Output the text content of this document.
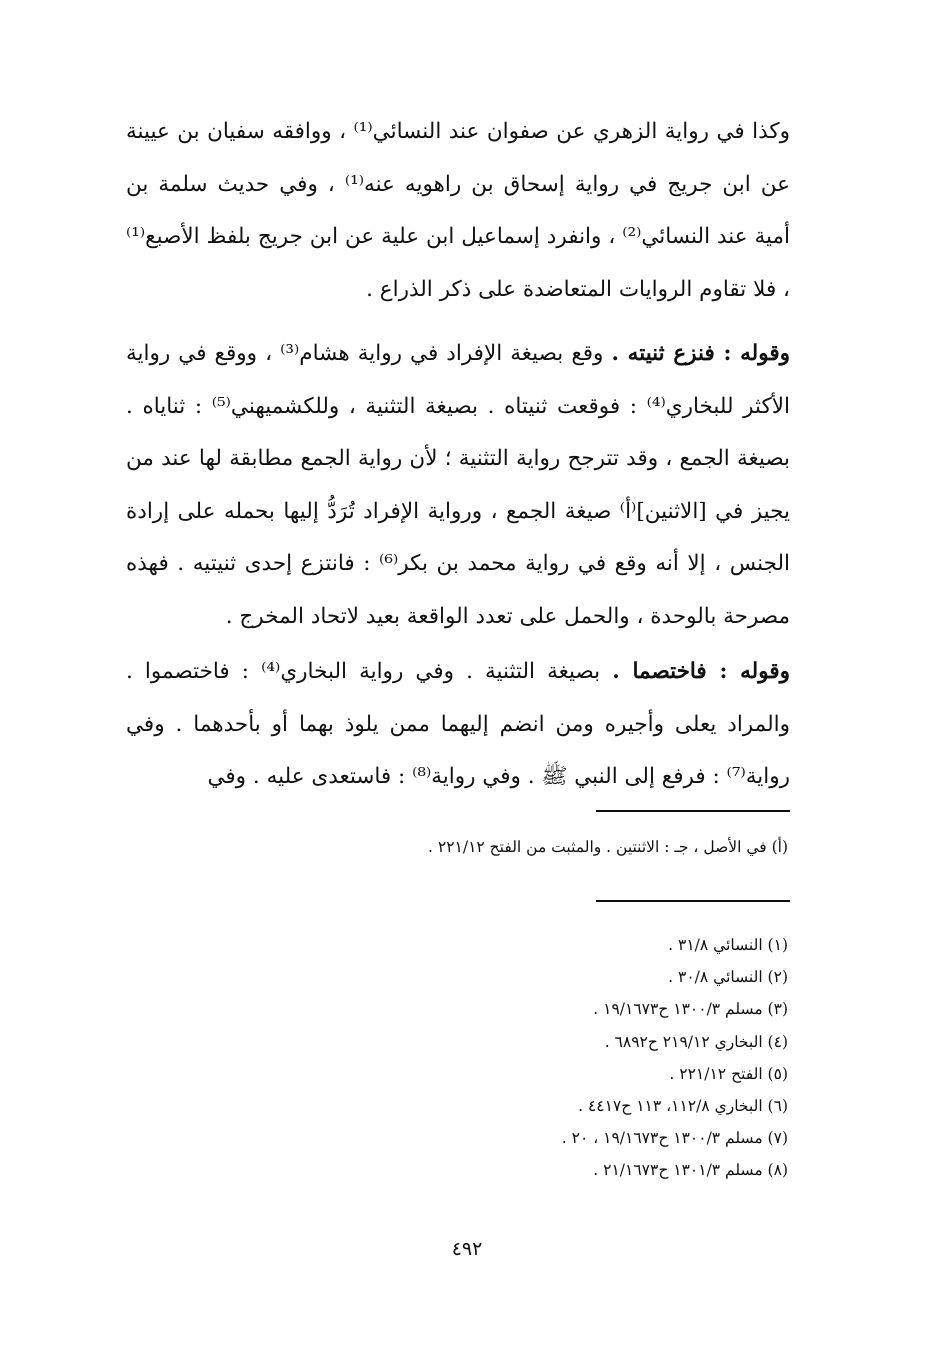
وكذا في رواية الزهري عن صفوان عند النسائي⁽¹⁾ ، ووافقه سفيان بن عيينة عن ابن جريج في رواية إسحاق بن راهويه عنه⁽¹⁾ ، وفي حديث سلمة بن أمية عند النسائي⁽²⁾ ، وانفرد إسماعيل ابن علية عن ابن جريج بلفظ الأصبع⁽¹⁾ ، فلا تقاوم الروايات المتعاضدة على ذكر الذراع .
وقوله : فنزع ثنيته . وقع بصيغة الإفراد في رواية هشام⁽³⁾ ، ووقع في رواية الأكثر للبخاري⁽⁴⁾ : فوقعت ثنيتاه . بصيغة التثنية ، وللكشميهني⁽⁵⁾ : ثناياه . بصيغة الجمع ، وقد تترجح رواية التثنية ؛ لأن رواية الجمع مطابقة لها عند من يجيز في [الاثنين]⁽أ⁾ صيغة الجمع ، ورواية الإفراد تُرَدُّ إليها بحمله على إرادة الجنس ، إلا أنه وقع في رواية محمد بن بكر⁽⁶⁾ : فانتزع إحدى ثنيتيه . فهذه مصرحة بالوحدة ، والحمل على تعدد الواقعة بعيد لاتحاد المخرج .
وقوله : فاختصما . بصيغة التثنية . وفي رواية البخاري⁽⁴⁾ : فاختصموا . والمراد يعلى وأجيره ومن انضم إليهما ممن يلوذ بهما أو بأحدهما . وفي رواية⁽⁷⁾ : فرفع إلى النبي ﷺ . وفي رواية⁽⁸⁾ : فاستعدى عليه . وفي
(أ) في الأصل ، جـ : الاثنتين . والمثبت من الفتح ٢٢١/١٢ .
(١) النسائي ٣١/٨ .
(٢) النسائي ٣٠/٨ .
(٣) مسلم ١٣٠٠/٣ ح١٩/١٦٧٣ .
(٤) البخاري ٢١٩/١٢ ح٦٨٩٢ .
(٥) الفتح ٢٢١/١٢ .
(٦) البخاري ١١٢/٨، ١١٣ ح٤٤١٧ .
(٧) مسلم ١٣٠٠/٣ ح١٩/١٦٧٣ ، ٢٠ .
(٨) مسلم ١٣٠١/٣ ح٢١/١٦٧٣ .
٤٩٢
